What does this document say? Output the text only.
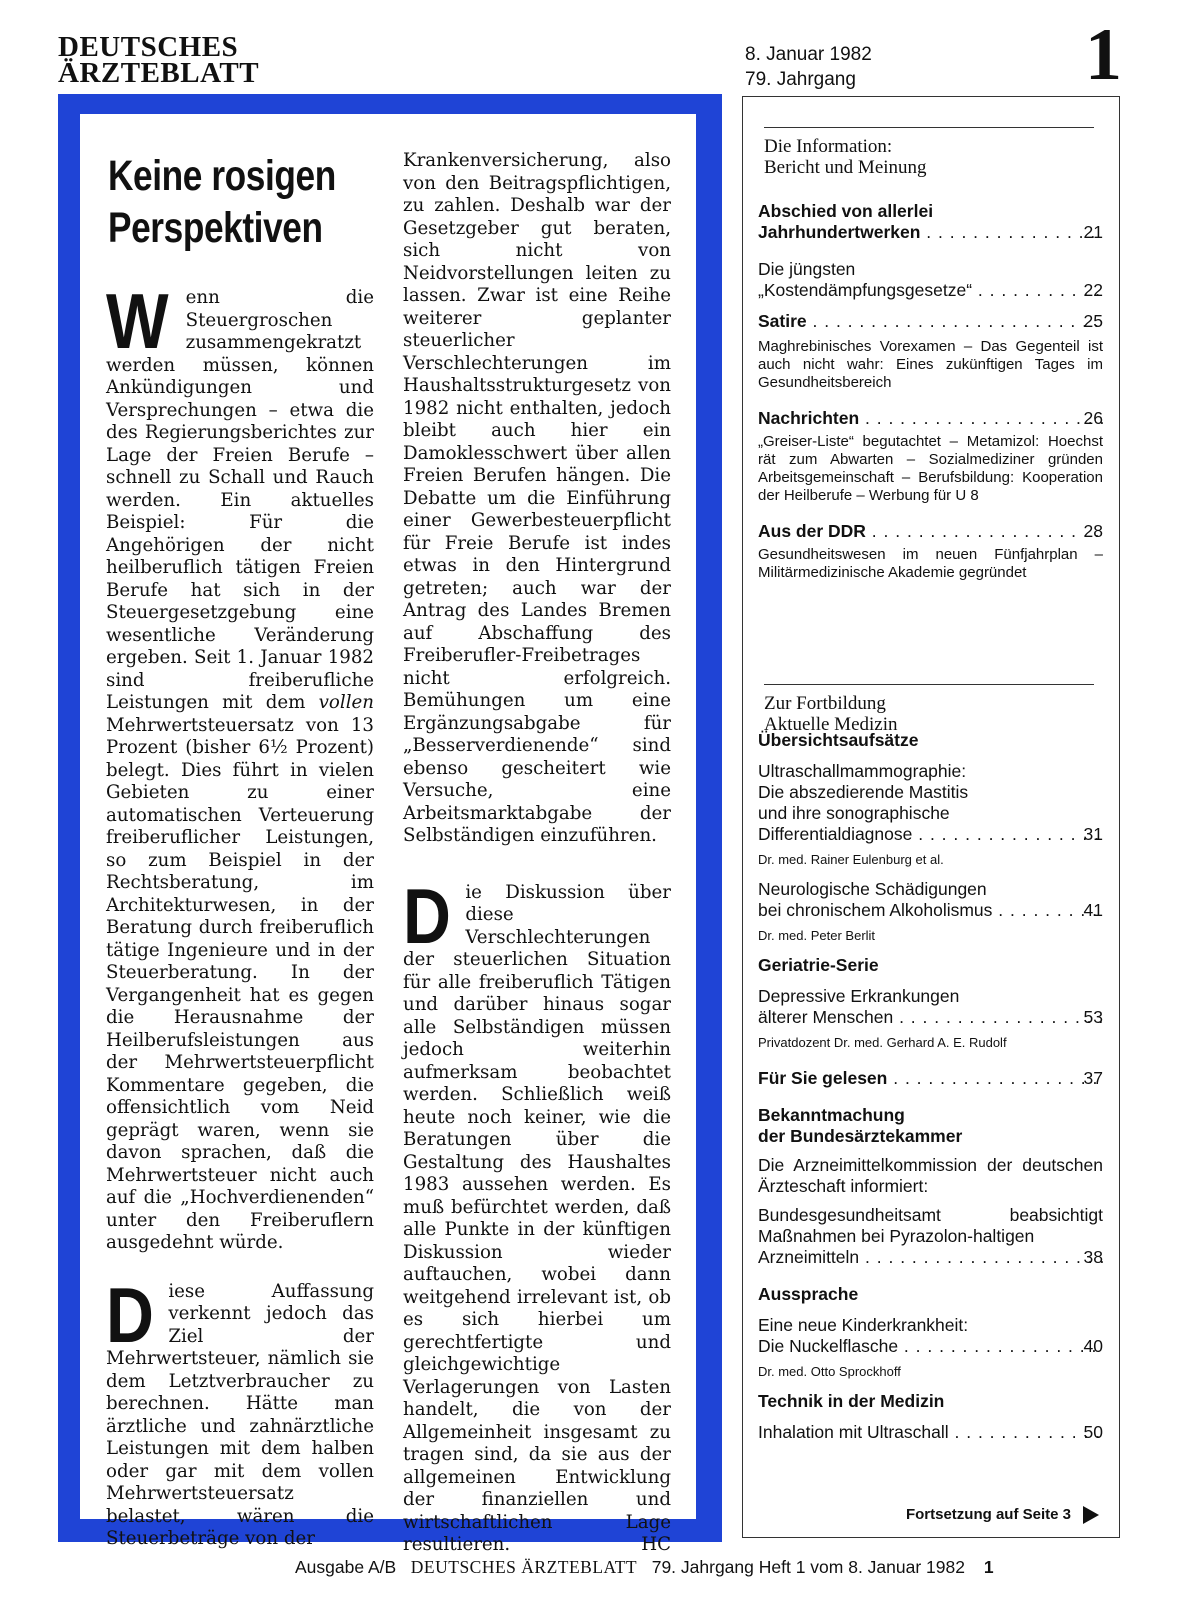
DEUTSCHES
ÄRZTEBLATT
8. Januar 1982
79. Jahrgang	1
Keine rosigen
Perspektiven

Wenn die Steuergroschen zusammengekratzt werden müssen, können Ankündigungen und Versprechungen – etwa die des Regierungsberichtes zur Lage der Freien Berufe – schnell zu Schall und Rauch werden. Ein aktuelles Beispiel: Für die Angehörigen der nicht heilberuflich tätigen Freien Berufe hat sich in der Steuergesetzgebung eine wesentliche Veränderung ergeben. Seit 1. Januar 1982 sind freiberufliche Leistungen mit dem vollen Mehrwertsteuersatz von 13 Prozent (bisher 6½ Prozent) belegt. Dies führt in vielen Gebieten zu einer automatischen Verteuerung freiberuflicher Leistungen, so zum Beispiel in der Rechtsberatung, im Architekturwesen, in der Beratung durch freiberuflich tätige Ingenieure und in der Steuerberatung. In der Vergangenheit hat es gegen die Herausnahme der Heilberufsleistungen aus der Mehrwertsteuerpflicht Kommentare gegeben, die offensichtlich vom Neid geprägt waren, wenn sie davon sprachen, daß die Mehrwertsteuer nicht auch auf die „Hochverdienenden“ unter den Freiberuflern ausgedehnt würde.

Diese Auffassung verkennt jedoch das Ziel der Mehrwertsteuer, nämlich sie dem Letztverbraucher zu berechnen. Hätte man ärztliche und zahnärztliche Leistungen mit dem halben oder gar mit dem vollen Mehrwertsteuersatz belastet, wären die Steuerbeträge von der

Krankenversicherung, also von den Beitragspflichtigen, zu zahlen. Deshalb war der Gesetzgeber gut beraten, sich nicht von Neidvorstellungen leiten zu lassen. Zwar ist eine Reihe weiterer geplanter steuerlicher Verschlechterungen im Haushaltsstrukturgesetz von 1982 nicht enthalten, jedoch bleibt auch hier ein Damoklesschwert über allen Freien Berufen hängen. Die Debatte um die Einführung einer Gewerbesteuerpflicht für Freie Berufe ist indes etwas in den Hintergrund getreten; auch war der Antrag des Landes Bremen auf Abschaffung des Freiberufler-Freibetrages nicht erfolgreich. Bemühungen um eine Ergänzungsabgabe für „Besserverdienende“ sind ebenso gescheitert wie Versuche, eine Arbeitsmarktabgabe der Selbständigen einzuführen.

Die Diskussion über diese Verschlechterungen der steuerlichen Situation für alle freiberuflich Tätigen und darüber hinaus sogar alle Selbständigen müssen jedoch weiterhin aufmerksam beobachtet werden. Schließlich weiß heute noch keiner, wie die Beratungen über die Gestaltung des Haushaltes 1983 aussehen werden. Es muß befürchtet werden, daß alle Punkte in der künftigen Diskussion wieder auftauchen, wobei dann weitgehend irrelevant ist, ob es sich hierbei um gerechtfertigte und gleichgewichtige Verlagerungen von Lasten handelt, die von der Allgemeinheit insgesamt zu tragen sind, da sie aus der allgemeinen Entwicklung der finanziellen und wirtschaftlichen Lage resultieren.	HC

Die Information:
Bericht und Meinung
Abschied von allerlei
Jahrhundertwerken . . .	21
Die jüngsten
„Kostendämpfungsgesetze“ . . .	22
Satire . . .	25
Maghrebinisches Vorexamen – Das Gegenteil ist auch nicht wahr: Eines zukünftigen Tages im Gesundheitsbereich
Nachrichten . . .	26
„Greiser-Liste“ begutachtet – Metamizol: Hoechst rät zum Abwarten – Sozialmediziner gründen Arbeitsgemeinschaft – Berufsbildung: Kooperation der Heilberufe – Werbung für U 8
Aus der DDR . . .	28
Gesundheitswesen im neuen Fünfjahrplan – Militärmedizinische Akademie gegründet
Zur Fortbildung
Aktuelle Medizin
Übersichtsaufsätze
Ultraschallmammographie:
Die abszedierende Mastitis
und ihre sonographische
Differentialdiagnose . . .	31
Dr. med. Rainer Eulenburg et al.
Neurologische Schädigungen
bei chronischem Alkoholismus . . .	41
Dr. med. Peter Berlit
Geriatrie-Serie
Depressive Erkrankungen
älterer Menschen . . .	53
Privatdozent Dr. med. Gerhard A. E. Rudolf
Für Sie gelesen . . .	37
Bekanntmachung
der Bundesärztekammer
Die Arzneimittelkommission der deutschen Ärzteschaft informiert:
Bundesgesundheitsamt beabsichtigt Maßnahmen bei Pyrazolon-haltigen
Arzneimitteln . . .	38
Aussprache
Eine neue Kinderkrankheit:
Die Nuckelflasche . . .	40
Dr. med. Otto Sprockhoff
Technik in der Medizin
Inhalation mit Ultraschall . . .	50
Fortsetzung auf Seite 3
Ausgabe A/B DEUTSCHES ÄRZTEBLATT 79. Jahrgang Heft 1 vom 8. Januar 1982 1
